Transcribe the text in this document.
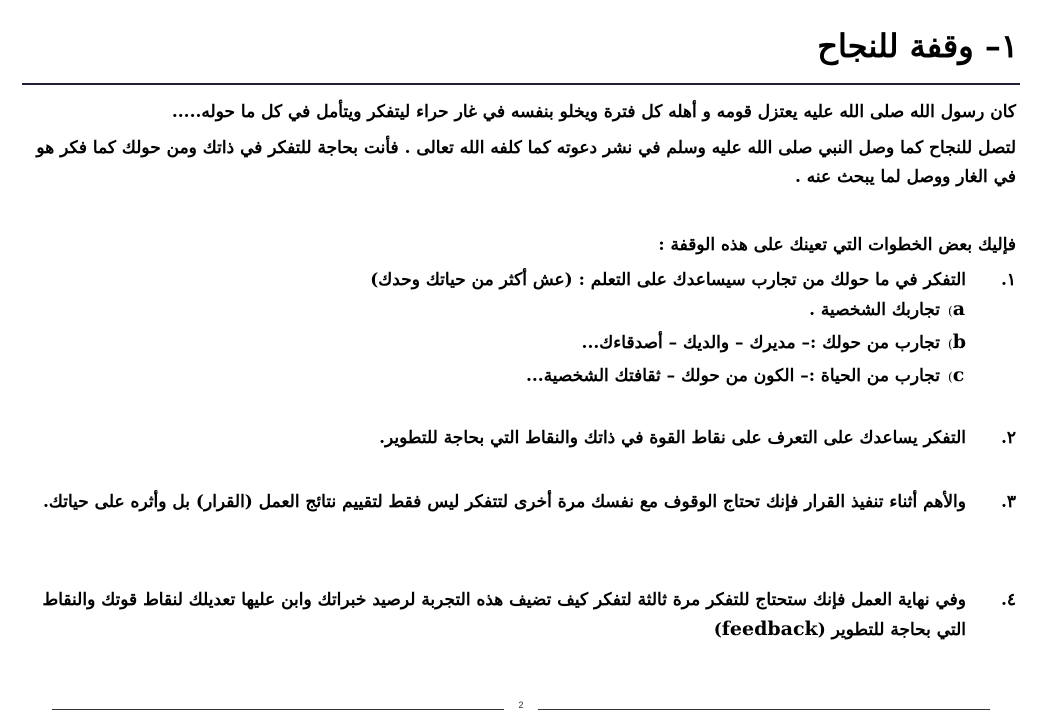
١– وقفة للنجاح
كان رسول الله صلى الله عليه يعتزل قومه و أهله كل فترة ويخلو بنفسه في غار حراء ليتفكر ويتأمل في كل ما حوله.....
لتصل للنجاح كما وصل النبي صلى الله عليه وسلم في نشر دعوته كما كلفه الله تعالى . فأنت بحاجة للتفكر في ذاتك ومن حولك كما فكر هو في الغار ووصل لما يبحث عنه .
فإليك بعض الخطوات التي تعينك على هذه الوقفة :
١.
التفكر في ما حولك من تجارب سيساعدك على التعلم : (عش أكثر من حياتك وحدك)
a)تجاربك الشخصية .
b)تجارب من حولك :– مديرك – والديك – أصدقاءك...
c)تجارب من الحياة :– الكون من حولك – ثقافتك الشخصية...
٢.
التفكر يساعدك على التعرف على نقاط القوة في ذاتك والنقاط التي بحاجة للتطوير.
٣.
والأهم أثناء تنفيذ القرار فإنك تحتاج الوقوف مع نفسك مرة أخرى لتتفكر ليس فقط لتقييم نتائج العمل (القرار) بل وأثره على حياتك.
٤.
وفي نهاية العمل فإنك ستحتاج للتفكر مرة ثالثة لتفكر كيف تضيف هذه التجربة لرصيد خبراتك وابن عليها تعديلك لنقاط قوتك والنقاط التي بحاجة للتطوير (feedback)
2
